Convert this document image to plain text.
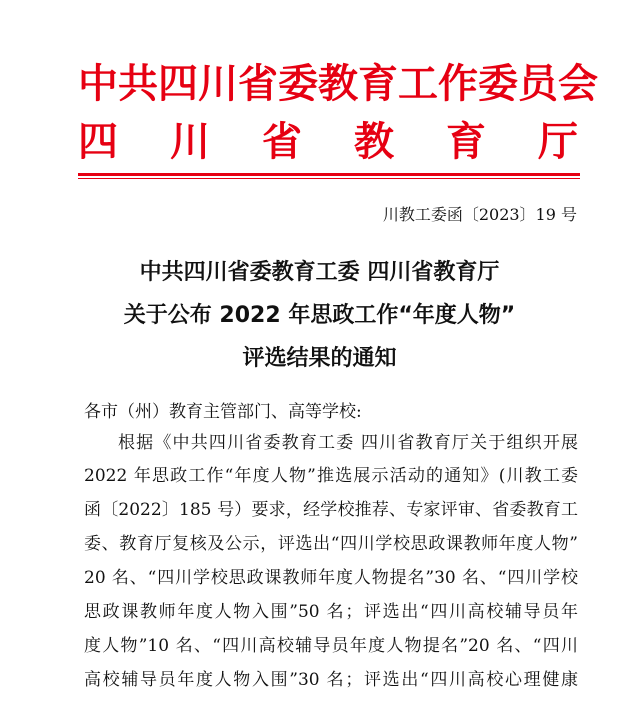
中共四川省委教育工作委员会
四 川 省 教 育 厅
川教工委函〔2023〕19 号
中共四川省委教育工委 四川省教育厅
关于公布 2022 年思政工作“年度人物”
评选结果的通知
各市（州）教育主管部门、高等学校:
根据《中共四川省委教育工委 四川省教育厅关于组织开展
2022 年思政工作“年度人物”推选展示活动的通知》(川教工委
函〔2022〕185 号）要求，经学校推荐、专家评审、省委教育工
委、教育厅复核及公示，评选出“四川学校思政课教师年度人物”
20 名、“四川学校思政课教师年度人物提名”30 名、“四川学校
思政课教师年度人物入围”50 名；评选出“四川高校辅导员年
度人物”10 名、“四川高校辅导员年度人物提名”20 名、“四川
高校辅导员年度人物入围”30 名；评选出“四川高校心理健康
